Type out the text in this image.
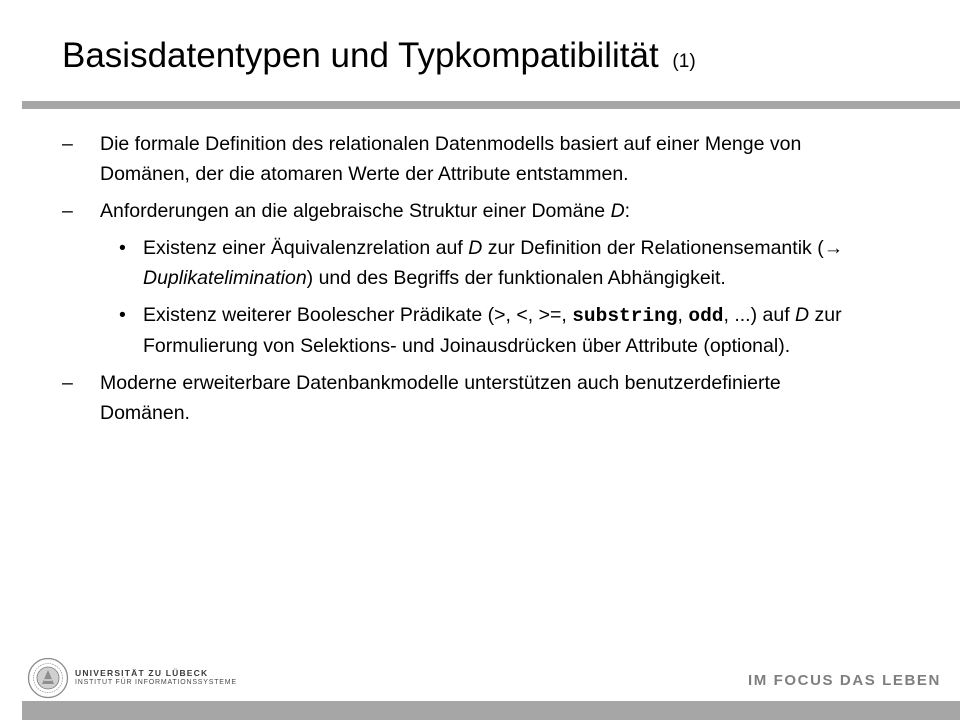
Basisdatentypen und Typkompatibilität (1)
– Die formale Definition des relationalen Datenmodells basiert auf einer Menge von Domänen, der die atomaren Werte der Attribute entstammen.
– Anforderungen an die algebraische Struktur einer Domäne D:
• Existenz einer Äquivalenzrelation auf D zur Definition der Relationensemantik (→ Duplikatelimination) und des Begriffs der funktionalen Abhängigkeit.
• Existenz weiterer Boolescher Prädikate (>, <, >=, substring, odd, ...) auf D zur Formulierung von Selektions- und Joinausdrücken über Attribute (optional).
– Moderne erweiterbare Datenbankmodelle unterstützen auch benutzerdefinierte Domänen.
UNIVERSITÄT ZU LÜBECK
INSTITUT FÜR INFORMATIONSSYSTEME	IM FOCUS DAS LEBEN
